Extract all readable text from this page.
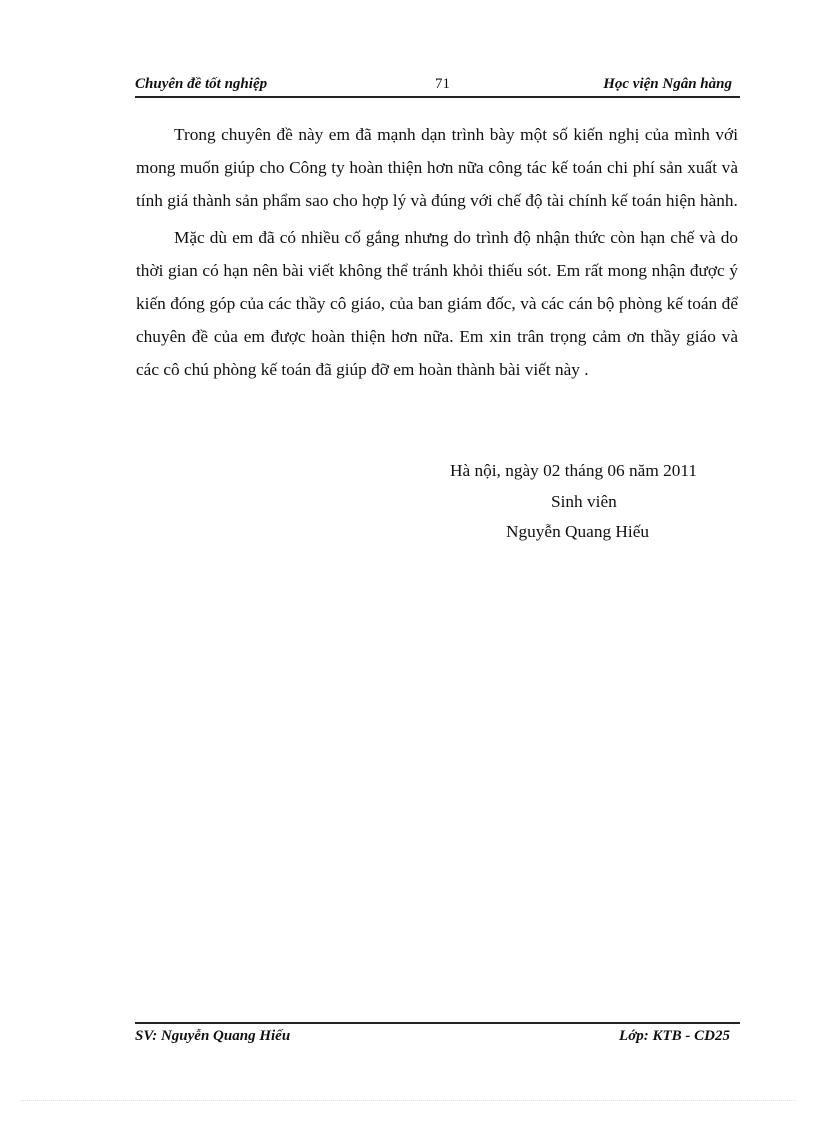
Chuyên đề tốt nghiệp	71	Học viện Ngân hàng

Trong chuyên đề này em đã mạnh dạn trình bày một số kiến nghị của mình với mong muốn giúp cho Công ty hoàn thiện hơn nữa công tác kế toán chi phí sản xuất và tính giá thành sản phẩm sao cho hợp lý và đúng với chế độ tài chính kế toán hiện hành.

Mặc dù em đã có nhiều cố gắng nhưng do trình độ nhận thức còn hạn chế và do thời gian có hạn nên bài viết không thể tránh khỏi thiếu sót. Em rất mong nhận được ý kiến đóng góp của các thầy cô giáo, của ban giám đốc, và các cán bộ phòng kế toán để chuyên đề của em được hoàn thiện hơn nữa. Em xin trân trọng cảm ơn thầy giáo và các cô chú phòng kế toán đã giúp đỡ em hoàn thành bài viết này .

Hà nội, ngày 02 tháng 06 năm 2011
Sinh viên
Nguyễn Quang Hiếu
SV: Nguyễn Quang Hiếu	Lớp: KTB - CD25
